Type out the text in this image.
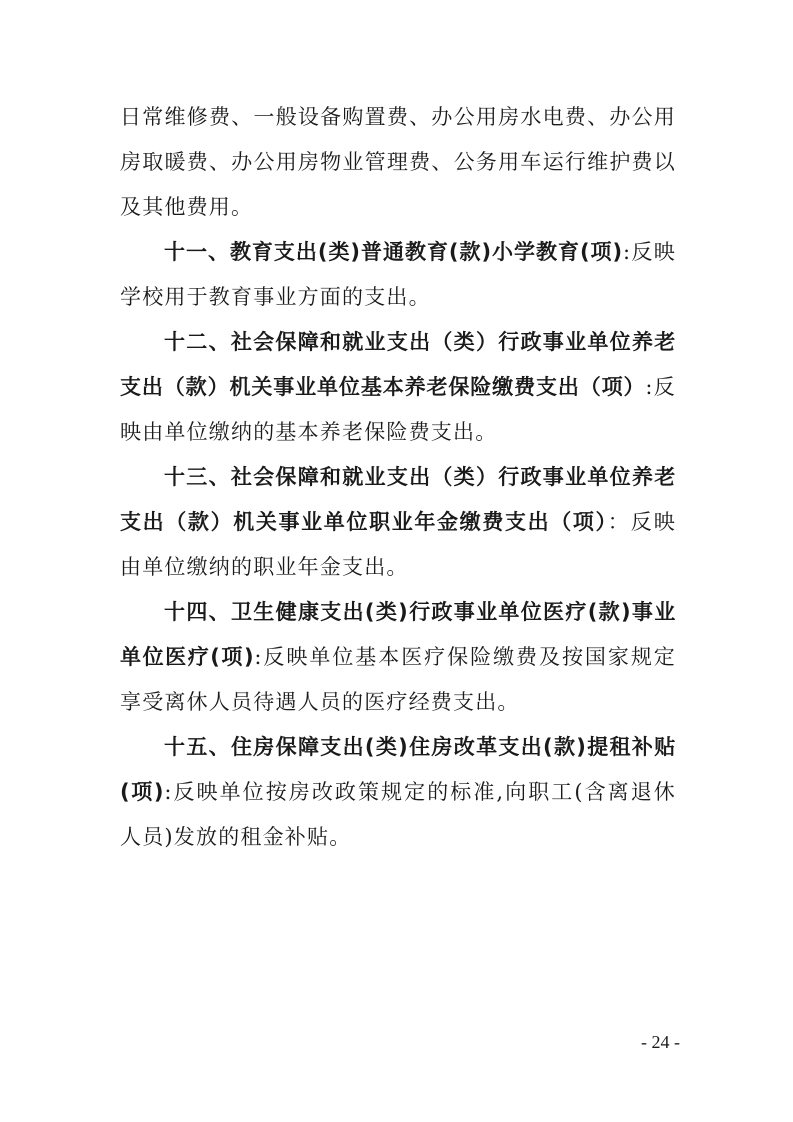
日常维修费、一般设备购置费、办公用房水电费、办公用房取暖费、办公用房物业管理费、公务用车运行维护费以及其他费用。

十一、教育支出(类)普通教育(款)小学教育(项):反映学校用于教育事业方面的支出。

十二、社会保障和就业支出（类）行政事业单位养老支出（款）机关事业单位基本养老保险缴费支出（项）:反映由单位缴纳的基本养老保险费支出。

十三、社会保障和就业支出（类）行政事业单位养老支出（款）机关事业单位职业年金缴费支出（项）：反映由单位缴纳的职业年金支出。

十四、卫生健康支出(类)行政事业单位医疗(款)事业单位医疗(项):反映单位基本医疗保险缴费及按国家规定享受离休人员待遇人员的医疗经费支出。

十五、住房保障支出(类)住房改革支出(款)提租补贴(项):反映单位按房改政策规定的标准,向职工(含离退休人员)发放的租金补贴。

- 24 -
